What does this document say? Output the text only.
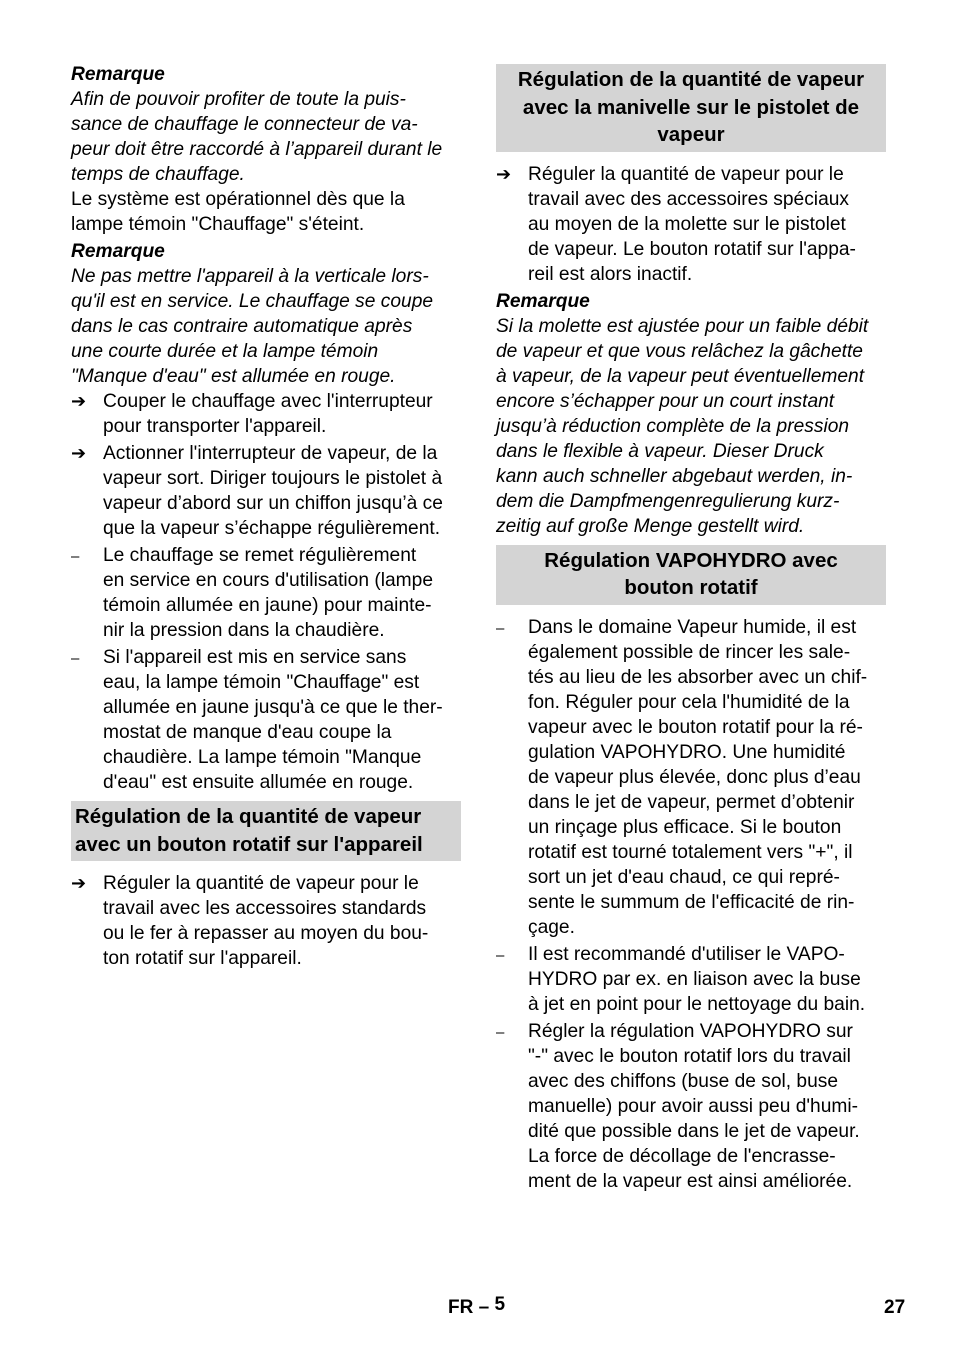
Remarque
Afin de pouvoir profiter de toute la puis-
sance de chauffage le connecteur de va-
peur doit être raccordé à l’appareil durant le
temps de chauffage.
Le système est opérationnel dès que la
lampe témoin "Chauffage" s'éteint.
Remarque
Ne pas mettre l'appareil à la verticale lors-
qu'il est en service. Le chauffage se coupe
dans le cas contraire automatique après
une courte durée et la lampe témoin
"Manque d'eau" est allumée en rouge.
➔ Couper le chauffage avec l'interrupteur
pour transporter l'appareil.
➔ Actionner l'interrupteur de vapeur, de la
vapeur sort. Diriger toujours le pistolet à
vapeur d’abord sur un chiffon jusqu’à ce
que la vapeur s’échappe régulièrement.
–	Le chauffage se remet régulièrement
en service en cours d'utilisation (lampe
témoin allumée en jaune) pour mainte-
nir la pression dans la chaudière.
–	Si l'appareil est mis en service sans
eau, la lampe témoin "Chauffage" est
allumée en jaune jusqu'à ce que le ther-
mostat de manque d'eau coupe la
chaudière. La lampe témoin "Manque
d'eau" est ensuite allumée en rouge.
Régulation de la quantité de vapeur
avec un bouton rotatif sur l'appareil
➔ Réguler la quantité de vapeur pour le
travail avec les accessoires standards
ou le fer à repasser au moyen du bou-
ton rotatif sur l'appareil.
Régulation de la quantité de vapeur
avec la manivelle sur le pistolet de
vapeur
➔ Réguler la quantité de vapeur pour le
travail avec des accessoires spéciaux
au moyen de la molette sur le pistolet
de vapeur. Le bouton rotatif sur l'appa-
reil est alors inactif.
Remarque
Si la molette est ajustée pour un faible débit
de vapeur et que vous relâchez la gâchette
à vapeur, de la vapeur peut éventuellement
encore s’échapper pour un court instant
jusqu’à réduction complète de la pression
dans le flexible à vapeur. Dieser Druck
kann auch schneller abgebaut werden, in-
dem die Dampfmengenregulierung kurz-
zeitig auf große Menge gestellt wird.
Régulation VAPOHYDRO avec
bouton rotatif
–	Dans le domaine Vapeur humide, il est
également possible de rincer les sale-
tés au lieu de les absorber avec un chif-
fon. Réguler pour cela l'humidité de la
vapeur avec le bouton rotatif pour la ré-
gulation VAPOHYDRO. Une humidité
de vapeur plus élevée, donc plus d’eau
dans le jet de vapeur, permet d’obtenir
un rinçage plus efficace. Si le bouton
rotatif est tourné totalement vers "+", il
sort un jet d'eau chaud, ce qui repré-
sente le summum de l'efficacité de rin-
çage.
–	Il est recommandé d'utiliser le VAPO-
HYDRO par ex. en liaison avec la buse
à jet en point pour le nettoyage du bain.
–	Régler la régulation VAPOHYDRO sur
"-" avec le bouton rotatif lors du travail
avec des chiffons (buse de sol, buse
manuelle) pour avoir aussi peu d'humi-
dité que possible dans le jet de vapeur.
La force de décollage de l'encrasse-
ment de la vapeur est ainsi améliorée.
FR – 5	27
